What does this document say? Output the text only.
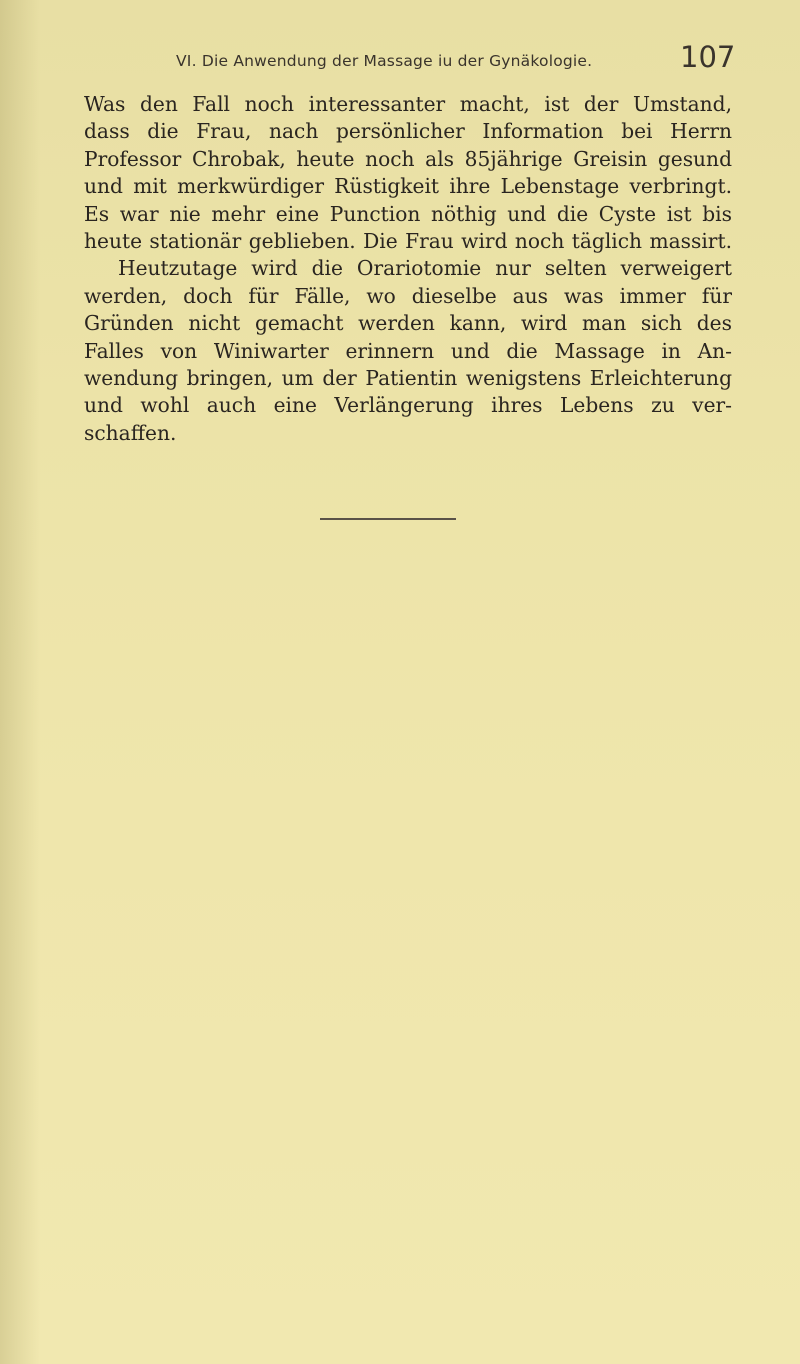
VI. Die Anwendung der Massage iu der Gynäkologie.	107
Was den Fall noch interessanter macht, ist der Umstand,
dass die Frau, nach persönlicher Information bei Herrn
Professor Chrobak, heute noch als 85jährige Greisin gesund
und mit merkwürdiger Rüstigkeit ihre Lebenstage verbringt.
Es war nie mehr eine Punction nöthig und die Cyste ist bis
heute stationär geblieben. Die Frau wird noch täglich massirt.
Heutzutage wird die Orariotomie nur selten verweigert
werden, doch für Fälle, wo dieselbe aus was immer für
Gründen nicht gemacht werden kann, wird man sich des
Falles von Winiwarter erinnern und die Massage in An-
wendung bringen, um der Patientin wenigstens Erleichterung
und wohl auch eine Verlängerung ihres Lebens zu ver-
schaffen.
